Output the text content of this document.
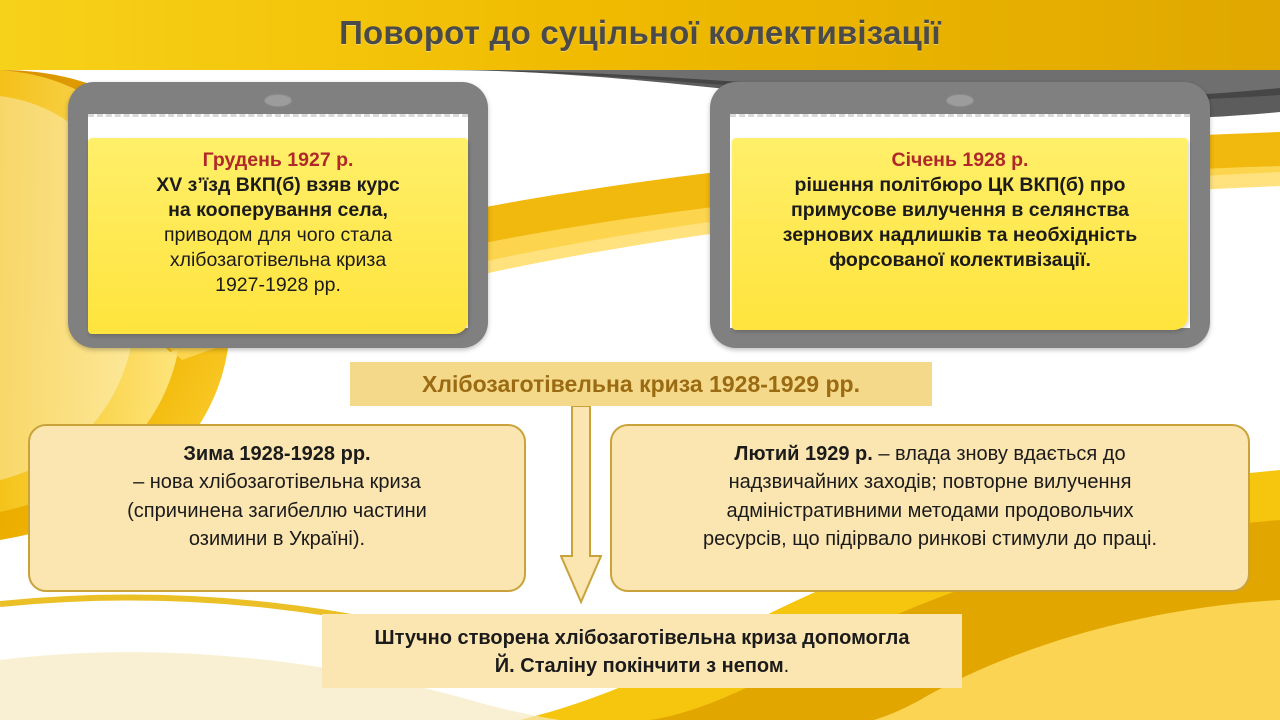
Поворот до суцільної колективізації
Грудень 1927 р.
XV з’їзд ВКП(б) взяв курс
на кооперування села,
приводом для чого стала
хлібозаготівельна криза
1927-1928 рр.
Січень 1928 р.
рішення політбюро ЦК ВКП(б) про
примусове вилучення в селянства
зернових надлишків та необхідність
форсованої колективізації.
Хлібозаготівельна криза 1928-1929 рр.
Зима 1928-1928 рр.
– нова хлібозаготівельна криза
(спричинена загибеллю частини
озимини в Україні).
Лютий 1929 р. – влада знову вдається до
надзвичайних заходів; повторне вилучення
адміністративними методами продовольчих
ресурсів, що підірвало ринкові стимули до праці.
Штучно створена хлібозаготівельна криза допомогла
Й. Сталіну покінчити з непом.
